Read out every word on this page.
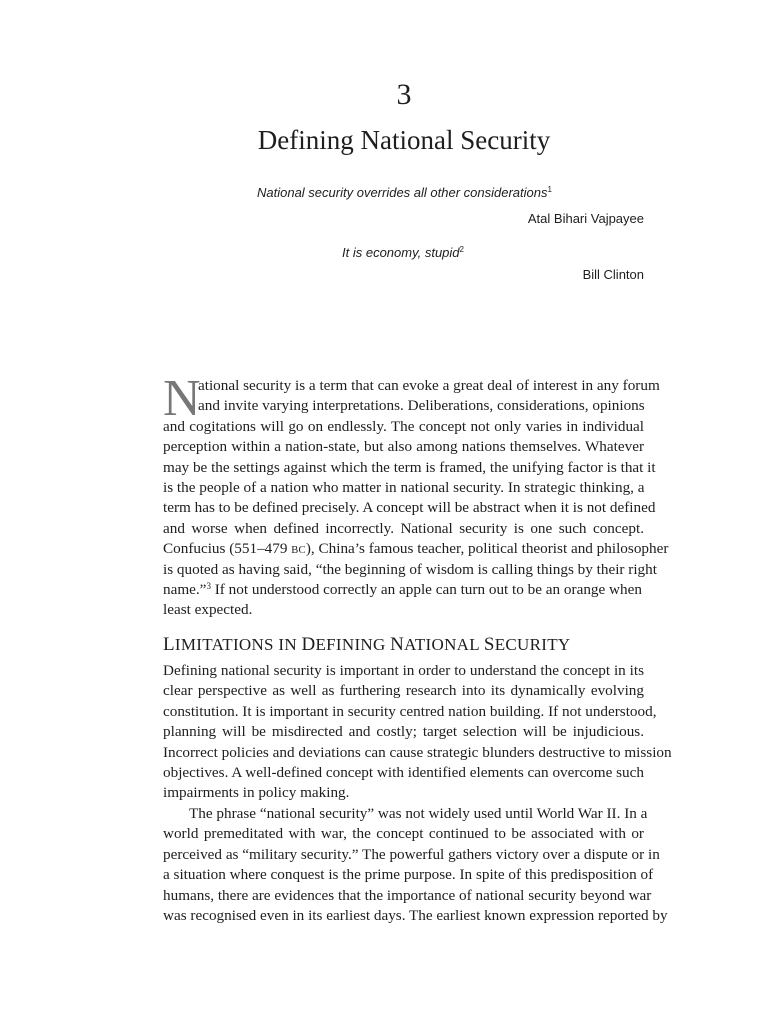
3
Defining National Security
National security overrides all other considerations$^1$
Atal Bihari Vajpayee
It is economy, stupid$^2$
Bill Clinton
N
ational security is a term that can evoke a great deal of interest in any forum
and invite varying interpretations. Deliberations, considerations, opinions
and cogitations will go on endlessly. The concept not only varies in individual
perception within a nation-state, but also among nations themselves. Whatever
may be the settings against which the term is framed, the unifying factor is that it
is the people of a nation who matter in national security. In strategic thinking, a
term has to be defined precisely. A concept will be abstract when it is not defined
and worse when defined incorrectly. National security is one such concept.
Confucius (551–479 BC), China’s famous teacher, political theorist and philosopher
is quoted as having said, “the beginning of wisdom is calling things by their right
name.”$^3$ If not understood correctly an apple can turn out to be an orange when
least expected.
LIMITATIONS IN DEFINING NATIONAL SECURITY
Defining national security is important in order to understand the concept in its
clear perspective as well as furthering research into its dynamically evolving
constitution. It is important in security centred nation building. If not understood,
planning will be misdirected and costly; target selection will be injudicious.
Incorrect policies and deviations can cause strategic blunders destructive to mission
objectives. A well-defined concept with identified elements can overcome such
impairments in policy making.
The phrase “national security” was not widely used until World War II. In a
world premeditated with war, the concept continued to be associated with or
perceived as “military security.” The powerful gathers victory over a dispute or in
a situation where conquest is the prime purpose. In spite of this predisposition of
humans, there are evidences that the importance of national security beyond war
was recognised even in its earliest days. The earliest known expression reported by
